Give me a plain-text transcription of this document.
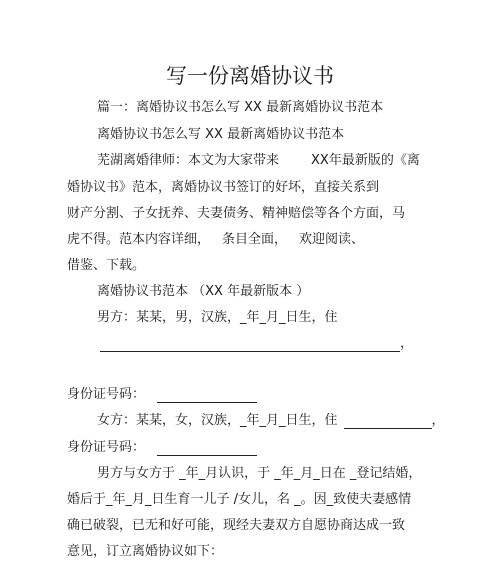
写一份离婚协议书
篇一：离婚协议书怎么写 XX 最新离婚协议书范本
离婚协议书怎么写 XX 最新离婚协议书范本
芜湖离婚律师：本文为大家带来 XX年最新版的《离
婚协议书》范本，离婚协议书签订的好坏，直接关系到
财产分割、子女抚养、夫妻债务、精神赔偿等各个方面，马
虎不得。范本内容详细， 条目全面， 欢迎阅读、
借鉴、下载。
离婚协议书范本 （XX 年最新版本 ）
男方：某某，男，汉族，_年_月_日生，住
，
身份证号码：
女方：某某，女，汉族，_年_月_日生，住	，
身份证号码：
男方与女方于 _年_月认识，于 _年_月_日在 _登记结婚，
婚后于_年_月_日生育一儿子 /女儿，名 _。因_致使夫妻感情
确已破裂，已无和好可能，现经夫妻双方自愿协商达成一致
意见，订立离婚协议如下：
